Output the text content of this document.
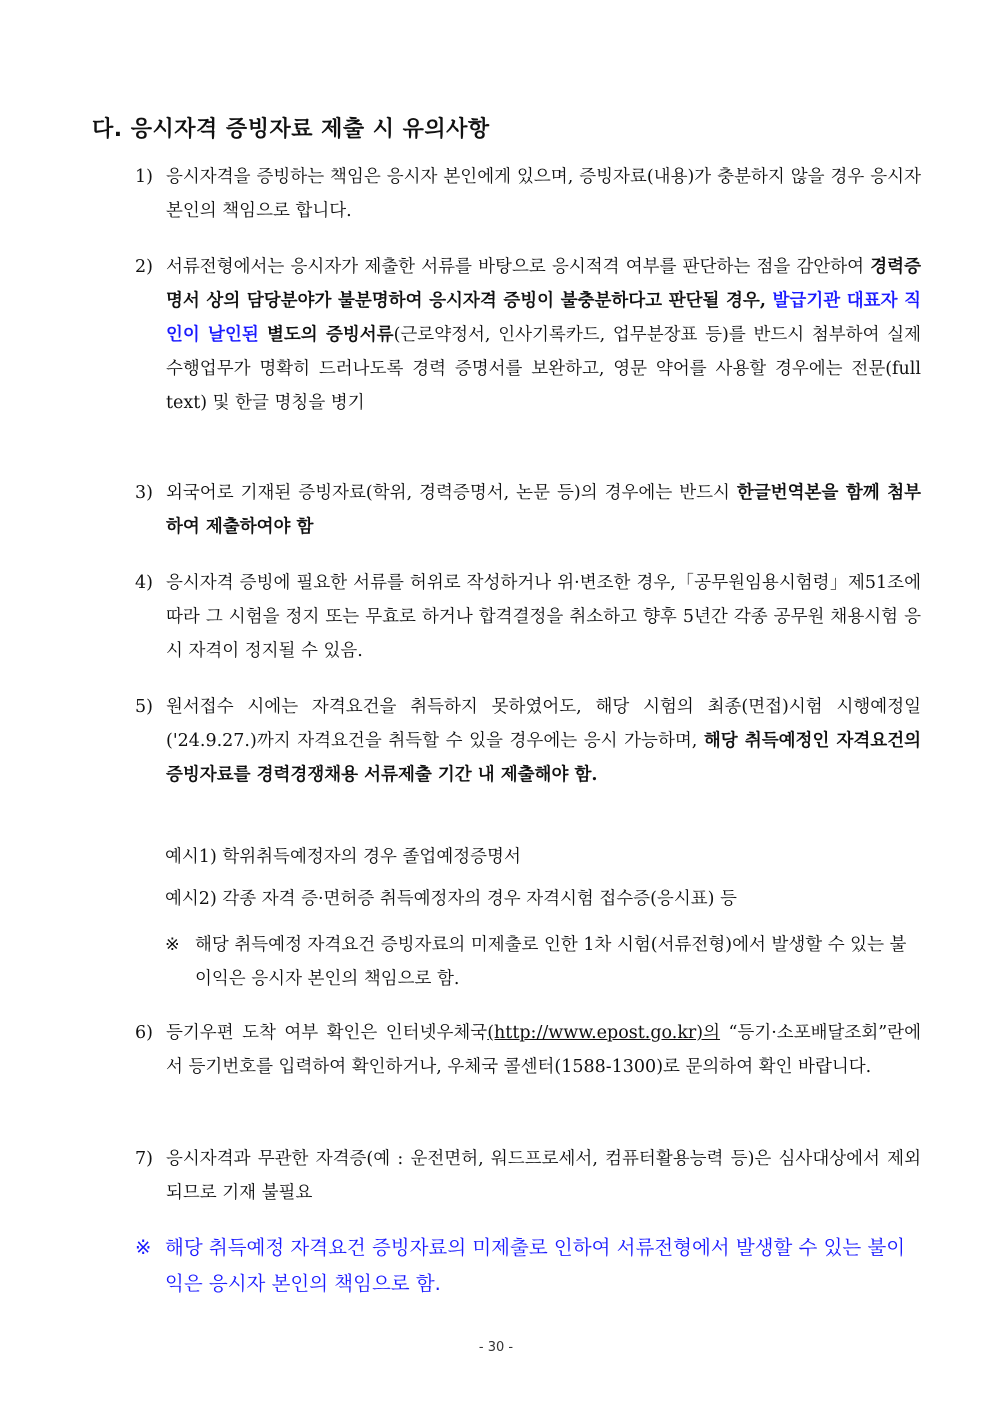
다. 응시자격 증빙자료 제출 시 유의사항
1) 응시자격을 증빙하는 책임은 응시자 본인에게 있으며, 증빙자료(내용)가 충분하지 않을 경우 응시자 본인의 책임으로 합니다.
2) 서류전형에서는 응시자가 제출한 서류를 바탕으로 응시적격 여부를 판단하는 점을 감안하여 경력증명서 상의 담당분야가 불분명하여 응시자격 증빙이 불충분하다고 판단될 경우, 발급기관 대표자 직인이 날인된 별도의 증빙서류(근로약정서, 인사기록카드, 업무분장표 등)를 반드시 첨부하여 실제 수행업무가 명확히 드러나도록 경력 증명서를 보완하고, 영문 약어를 사용할 경우에는 전문(full text) 및 한글 명칭을 병기
3) 외국어로 기재된 증빙자료(학위, 경력증명서, 논문 등)의 경우에는 반드시 한글번역본을 함께 첨부하여 제출하여야 함
4) 응시자격 증빙에 필요한 서류를 허위로 작성하거나 위·변조한 경우,「공무원임용시험령」제51조에 따라 그 시험을 정지 또는 무효로 하거나 합격결정을 취소하고 향후 5년간 각종 공무원 채용시험 응시 자격이 정지될 수 있음.
5) 원서접수 시에는 자격요건을 취득하지 못하였어도, 해당 시험의 최종(면접)시험 시행예정일('24.9.27.)까지 자격요건을 취득할 수 있을 경우에는 응시 가능하며, 해당 취득예정인 자격요건의 증빙자료를 경력경쟁채용 서류제출 기간 내 제출해야 함.
예시1) 학위취득예정자의 경우 졸업예정증명서
예시2) 각종 자격 증·면허증 취득예정자의 경우 자격시험 접수증(응시표) 등
※ 해당 취득예정 자격요건 증빙자료의 미제출로 인한 1차 시험(서류전형)에서 발생할 수 있는 불이익은 응시자 본인의 책임으로 함.
6) 등기우편 도착 여부 확인은 인터넷우체국(http://www.epost.go.kr)의 “등기·소포배달조회”란에서 등기번호를 입력하여 확인하거나, 우체국 콜센터(1588-1300)로 문의하여 확인 바랍니다.
7) 응시자격과 무관한 자격증(예 : 운전면허, 워드프로세서, 컴퓨터활용능력 등)은 심사대상에서 제외되므로 기재 불필요
※ 해당 취득예정 자격요건 증빙자료의 미제출로 인하여 서류전형에서 발생할 수 있는 불이익은 응시자 본인의 책임으로 함.
- 30 -
